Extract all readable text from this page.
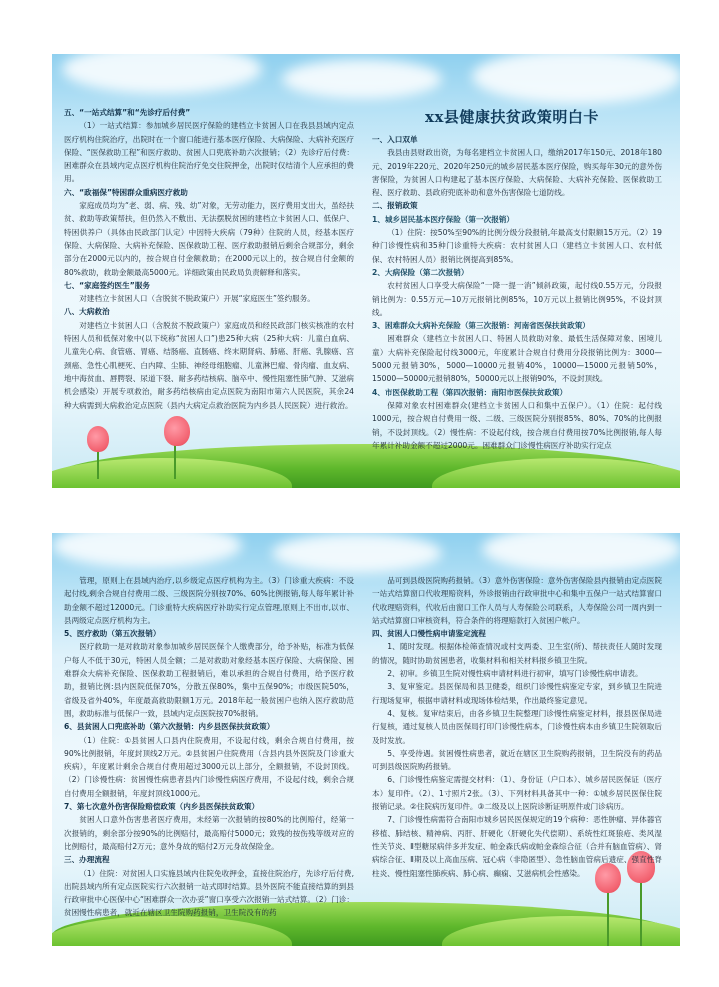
xx县健康扶贫政策明白卡

五、“一站式结算”和“先诊疗后付费”

（1）一站式结算：参加城乡居民医疗保险的建档立卡贫困人口在我县县域内定点医疗机构住院治疗，出院时在一个窗口能进行基本医疗保险、大病保险、大病补充医疗保险、“医保救助工程”和医疗救助、贫困人口兜底补助六次报销；（2）先诊疗后付费：困难群众在县域内定点医疗机构住院治疗免交住院押金，出院时仅结清个人应承担的费用。

六、“政福保”特困群众重病医疗救助

家庭成员均为“老、弱、病、残、幼”对象，无劳动能力，医疗费用支出大，虽经扶贫、救助等政策帮扶，但仍然入不敷出、无法摆脱贫困的建档立卡贫困人口、低保户、特困供养户（具体由民政部门认定）中因特大疾病（79种）住院的人员，经基本医疗保险、大病保险、大病补充保险、医保救助工程、医疗救助报销后剩余合规部分，剩余部分在2000元以内的，按合规自付金额救助；在2000元以上的，按合规自付金额的80%救助，救助金额最高5000元。详细政策由民政局负责解释和落实。

七、“家庭签约医生”服务

对建档立卡贫困人口（含脱贫不脱政策户）开展“家庭医生”签约服务。

八、大病救治

对建档立卡贫困人口（含脱贫不脱政策户）家庭成员和经民政部门核实核准的农村特困人员和低保对象中(以下统称“贫困人口”)患25种大病（25种大病：儿童白血病、儿童先心病、食管癌、胃癌、结肠癌、直肠癌、终末期肾病、肺癌、肝癌、乳腺癌、宫颈癌、急性心肌梗死、白内障、尘肺、神经母细胞瘤、儿童淋巴瘤、骨肉瘤、血友病、地中海贫血、唇腭裂、尿道下裂、耐多药结核病、脑卒中、慢性阻塞性肺气肿、艾滋病机会感染）开展专项救治，耐多药结核病由定点医院为南阳市第六人民医院，其余24种大病需到大病救治定点医院（县内大病定点救治医院为内乡县人民医院）进行救治。

一、入口双单

我县由县财政出资，为每名建档立卡贫困人口，缴纳2017年150元、2018年180元、2019年220元、2020年250元的城乡居民基本医疗保险，购买每年30元的意外伤害保险，为贫困人口构建起了基本医疗保险、大病保险、大病补充保险、医保救助工程、医疗救助、县政府兜底补助和意外伤害保险七道防线。

二、报销政策

1、城乡居民基本医疗保险（第一次报销）

（1）住院：按50%至90%的比例分级分段报销,年最高支付限额15万元。（2）19种门诊慢性病和35种门诊重特大疾病：农村贫困人口（建档立卡贫困人口、农村低保、农村特困人员）报销比例提高到85%。

2、大病保险（第二次报销）

农村贫困人口享受大病保险“一降一提一消”倾斜政策，起付线0.55万元，分段报销比例为：0.55万元—10万元报销比例85%，10万元以上报销比例95%，不设封顶线。

3、困难群众大病补充保险（第三次报销：河南省医保扶贫政策）

困难群众（建档立卡贫困人口、特困人员救助对象、最低生活保障对象、困境儿童）大病补充保险起付线3000元，年度累计合规自付费用分段报销比例为：3000—5000元报销30%，5000—10000元报销40%，10000—15000元报销50%，15000—50000元报销80%，50000元以上报销90%，不设封顶线。

4、市医保救助工程（第四次报销：南阳市医保扶贫政策）

保障对象农村困难群众(建档立卡贫困人口和集中五保户）。（1）住院：起付线1000元，按合规自付费用一级、二级、三级医院分别报85%、80%、70%的比例报销，不设封顶线。（2）慢性病：不设起付线，按合规自付费用按70%比例报销,每人每年累计补助金额不超过2000元。困难群众门诊慢性病医疗补助实行定点

管理，原则上在县域内治疗,以乡级定点医疗机构为主。（3）门诊重大疾病：不设起付线,剩余合规自付费用二级、三级医院分别按70%、60%比例报销,每人每年累计补助金额不超过12000元。门诊重特大疾病医疗补助实行定点管理,原则上不出市,以市、县两级定点医疗机构为主。

5、医疗救助（第五次报销）

医疗救助一是对救助对象参加城乡居民医保个人缴费部分，给予补贴，标准为低保户每人不低于30元，特困人员全额；二是对救助对象经基本医疗保险、大病保险、困难群众大病补充保险、医保救助工程报销后，难以承担的合规自付费用，给予医疗救助，报销比例:县内医院低保70%，分散五保80%，集中五保90%；市级医院50%，省级及省外40%，年度最高救助限额1万元。2018年起一般贫困户也纳入医疗救助范围，救助标准与低保户一致，县域内定点医院按70%报销。

6、县贫困人口兜底补助（第六次报销：内乡县医保扶贫政策）

（1）住院：①县贫困人口县内住院费用，不设起付线，剩余合规自付费用，按90%比例报销，年度封顶线2万元。②县贫困户住院费用（含县内县外医院及门诊重大疾病），年度累计剩余合规自付费用超过3000元以上部分，全额报销，不设封顶线。（2）门诊慢性病：贫困慢性病患者县内门诊慢性病医疗费用，不设起付线，剩余合规自付费用全额报销，年度封顶线1000元。

7、第七次意外伤害保险赔偿政策（内乡县医保扶贫政策）

贫困人口意外伤害患者医疗费用，未经第一次报销的按80%的比例赔付，经第一次报销的，剩余部分按90%的比例赔付，最高赔付5000元；致残的按伤残等级对应的比例赔付，最高赔付2万元；意外身故的赔付2万元身故保险金。

三、办理流程

（1）住院：对贫困人口实施县域内住院免收押金，直接住院治疗，先诊疗后付费,出院县域内所有定点医院实行六次报销一站式即时结算。县外医院不能直接结算的到县行政审批中心医保中心“困难群众一次办妥”窗口享受六次报销一站式结算。（2）门诊：贫困慢性病患者，就近在辖区卫生院购药报销，卫生院没有的药

品可到县级医院购药报销。（3）意外伤害保险：意外伤害保险县内报销由定点医院一站式结算窗口代收理赔资料，外诊报销由行政审批中心和集中五保户一站式结算窗口代收理赔资料，代收后由窗口工作人员与人寿保险公司联系，人寿保险公司一周内到一站式结算窗口审核资料，符合条件的将理赔款打入贫困户帐户。

四、贫困人口慢性病申请鉴定流程

1、随时发现。根据体检筛查情况或村支两委、卫生室(所)、帮扶责任人随时发现的情况，随时协助贫困患者，收集材料和相关材料报乡镇卫生院。

2、初审。乡镇卫生院对慢性病申请材料进行初审，填写门诊慢性病申请表。

3、复审鉴定。县医保局和县卫健委，组织门诊慢性病鉴定专家，到乡镇卫生院进行现场复审，根据申请材料或现场体检结果，作出最终鉴定意见。

4、复核。复审结束后，由各乡镇卫生院整理门诊慢性病鉴定材料，报县医保局进行复核，通过复核人员由医保局打印门诊慢性病本，门诊慢性病本由乡镇卫生院领取后及时发放。

5、享受待遇。贫困慢性病患者，就近在辖区卫生院购药报销，卫生院没有的药品可到县级医院购药报销。

6、门诊慢性病鉴定需提交材料：（1）、身份证（户口本）、城乡居民医保证（医疗本）复印件。（2）、1寸照片2张。（3）、下列材料具备其中一种：①城乡居民医保住院报销记录。②住院病历复印件。③二级及以上医院诊断证明原件或门诊病历。

7、门诊慢性病需符合南阳市城乡居民医保规定的19个病种：恶性肿瘤、异体器官移植、肺结核、精神病、丙肝、肝硬化（肝硬化失代偿期）、系统性红斑狼疮、类风湿性关节炎、Ⅱ型糖尿病伴多并发症、帕金森氏病或帕金森综合征（合并有脑血管病）、肾病综合征、Ⅱ期及以上高血压病、冠心病（非隐匿型）、急性脑血管病后遗症、强直性脊柱炎、慢性阻塞性肺疾病、肺心病、癫痫、艾滋病机会性感染。
